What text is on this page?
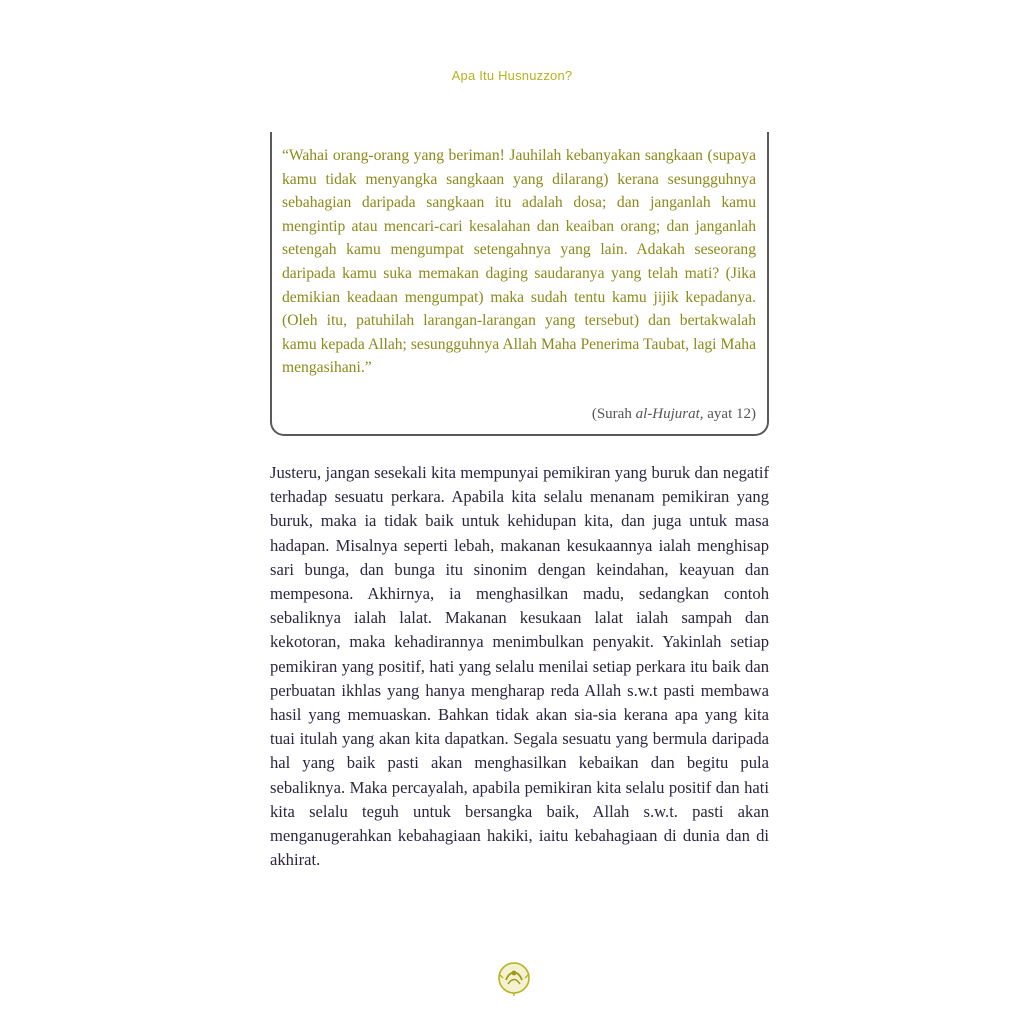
Apa Itu Husnuzzon?

“Wahai orang-orang yang beriman! Jauhilah kebanyakan sangkaan (supaya kamu tidak menyangka sangkaan yang dilarang) kerana sesungguhnya sebahagian daripada sangkaan itu adalah dosa; dan janganlah kamu mengintip atau mencari-cari kesalahan dan keaiban orang; dan janganlah setengah kamu mengumpat setengahnya yang lain. Adakah seseorang daripada kamu suka memakan daging saudaranya yang telah mati? (Jika demikian keadaan mengumpat) maka sudah tentu kamu jijik kepadanya. (Oleh itu, patuhilah larangan-larangan yang tersebut) dan bertakwalah kamu kepada Allah; sesungguhnya Allah Maha Penerima Taubat, lagi Maha mengasihani.”

(Surah al-Hujurat, ayat 12)

Justeru, jangan sesekali kita mempunyai pemikiran yang buruk dan negatif terhadap sesuatu perkara. Apabila kita selalu menanam pemikiran yang buruk, maka ia tidak baik untuk kehidupan kita, dan juga untuk masa hadapan. Misalnya seperti lebah, makanan kesukaannya ialah menghisap sari bunga, dan bunga itu sinonim dengan keindahan, keayuan dan mempesona. Akhirnya, ia menghasilkan madu, sedangkan contoh sebaliknya ialah lalat. Makanan kesukaan lalat ialah sampah dan kekotoran, maka kehadirannya menimbulkan penyakit. Yakinlah setiap pemikiran yang positif, hati yang selalu menilai setiap perkara itu baik dan perbuatan ikhlas yang hanya mengharap reda Allah s.w.t pasti membawa hasil yang memuaskan. Bahkan tidak akan sia-sia kerana apa yang kita tuai itulah yang akan kita dapatkan. Segala sesuatu yang bermula daripada hal yang baik pasti akan menghasilkan kebaikan dan begitu pula sebaliknya. Maka percayalah, apabila pemikiran kita selalu positif dan hati kita selalu teguh untuk bersangka baik, Allah s.w.t. pasti akan menganugerahkan kebahagiaan hakiki, iaitu kebahagiaan di dunia dan di akhirat.
